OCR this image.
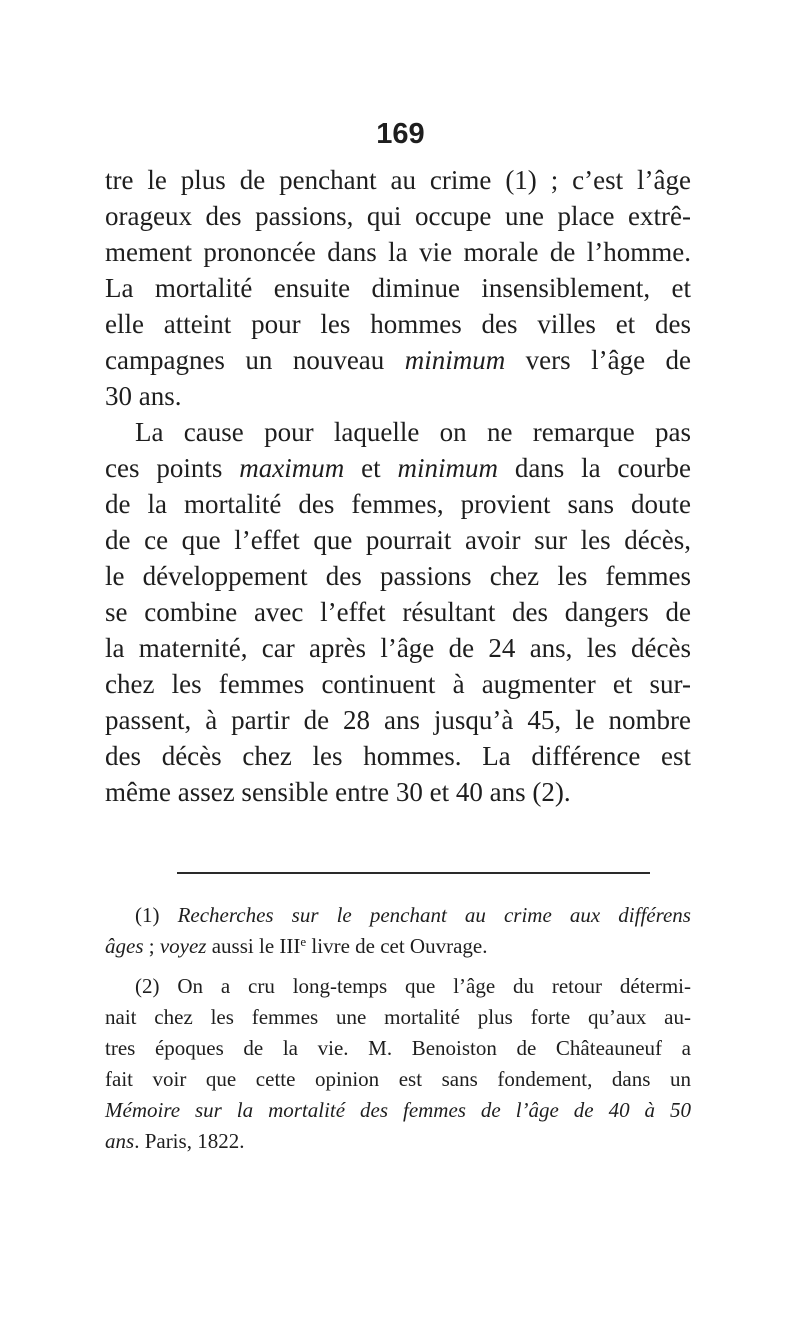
169
tre le plus de penchant au crime (1) ; c’est l’âge
orageux des passions, qui occupe une place extrê-
mement prononcée dans la vie morale de l’homme.
La mortalité ensuite diminue insensiblement, et
elle atteint pour les hommes des villes et des
campagnes un nouveau minimum vers l’âge de
30 ans.
La cause pour laquelle on ne remarque pas
ces points maximum et minimum dans la courbe
de la mortalité des femmes, provient sans doute
de ce que l’effet que pourrait avoir sur les décès,
le développement des passions chez les femmes
se combine avec l’effet résultant des dangers de
la maternité, car après l’âge de 24 ans, les décès
chez les femmes continuent à augmenter et sur-
passent, à partir de 28 ans jusqu’à 45, le nombre
des décès chez les hommes. La différence est
même assez sensible entre 30 et 40 ans (2).
(1) Recherches sur le penchant au crime aux différens
âges ; voyez aussi le IIIe livre de cet Ouvrage.
(2) On a cru long-temps que l’âge du retour détermi-
nait chez les femmes une mortalité plus forte qu’aux au-
tres époques de la vie. M. Benoiston de Châteauneuf a
fait voir que cette opinion est sans fondement, dans un
Mémoire sur la mortalité des femmes de l’âge de 40 à 50
ans. Paris, 1822.
